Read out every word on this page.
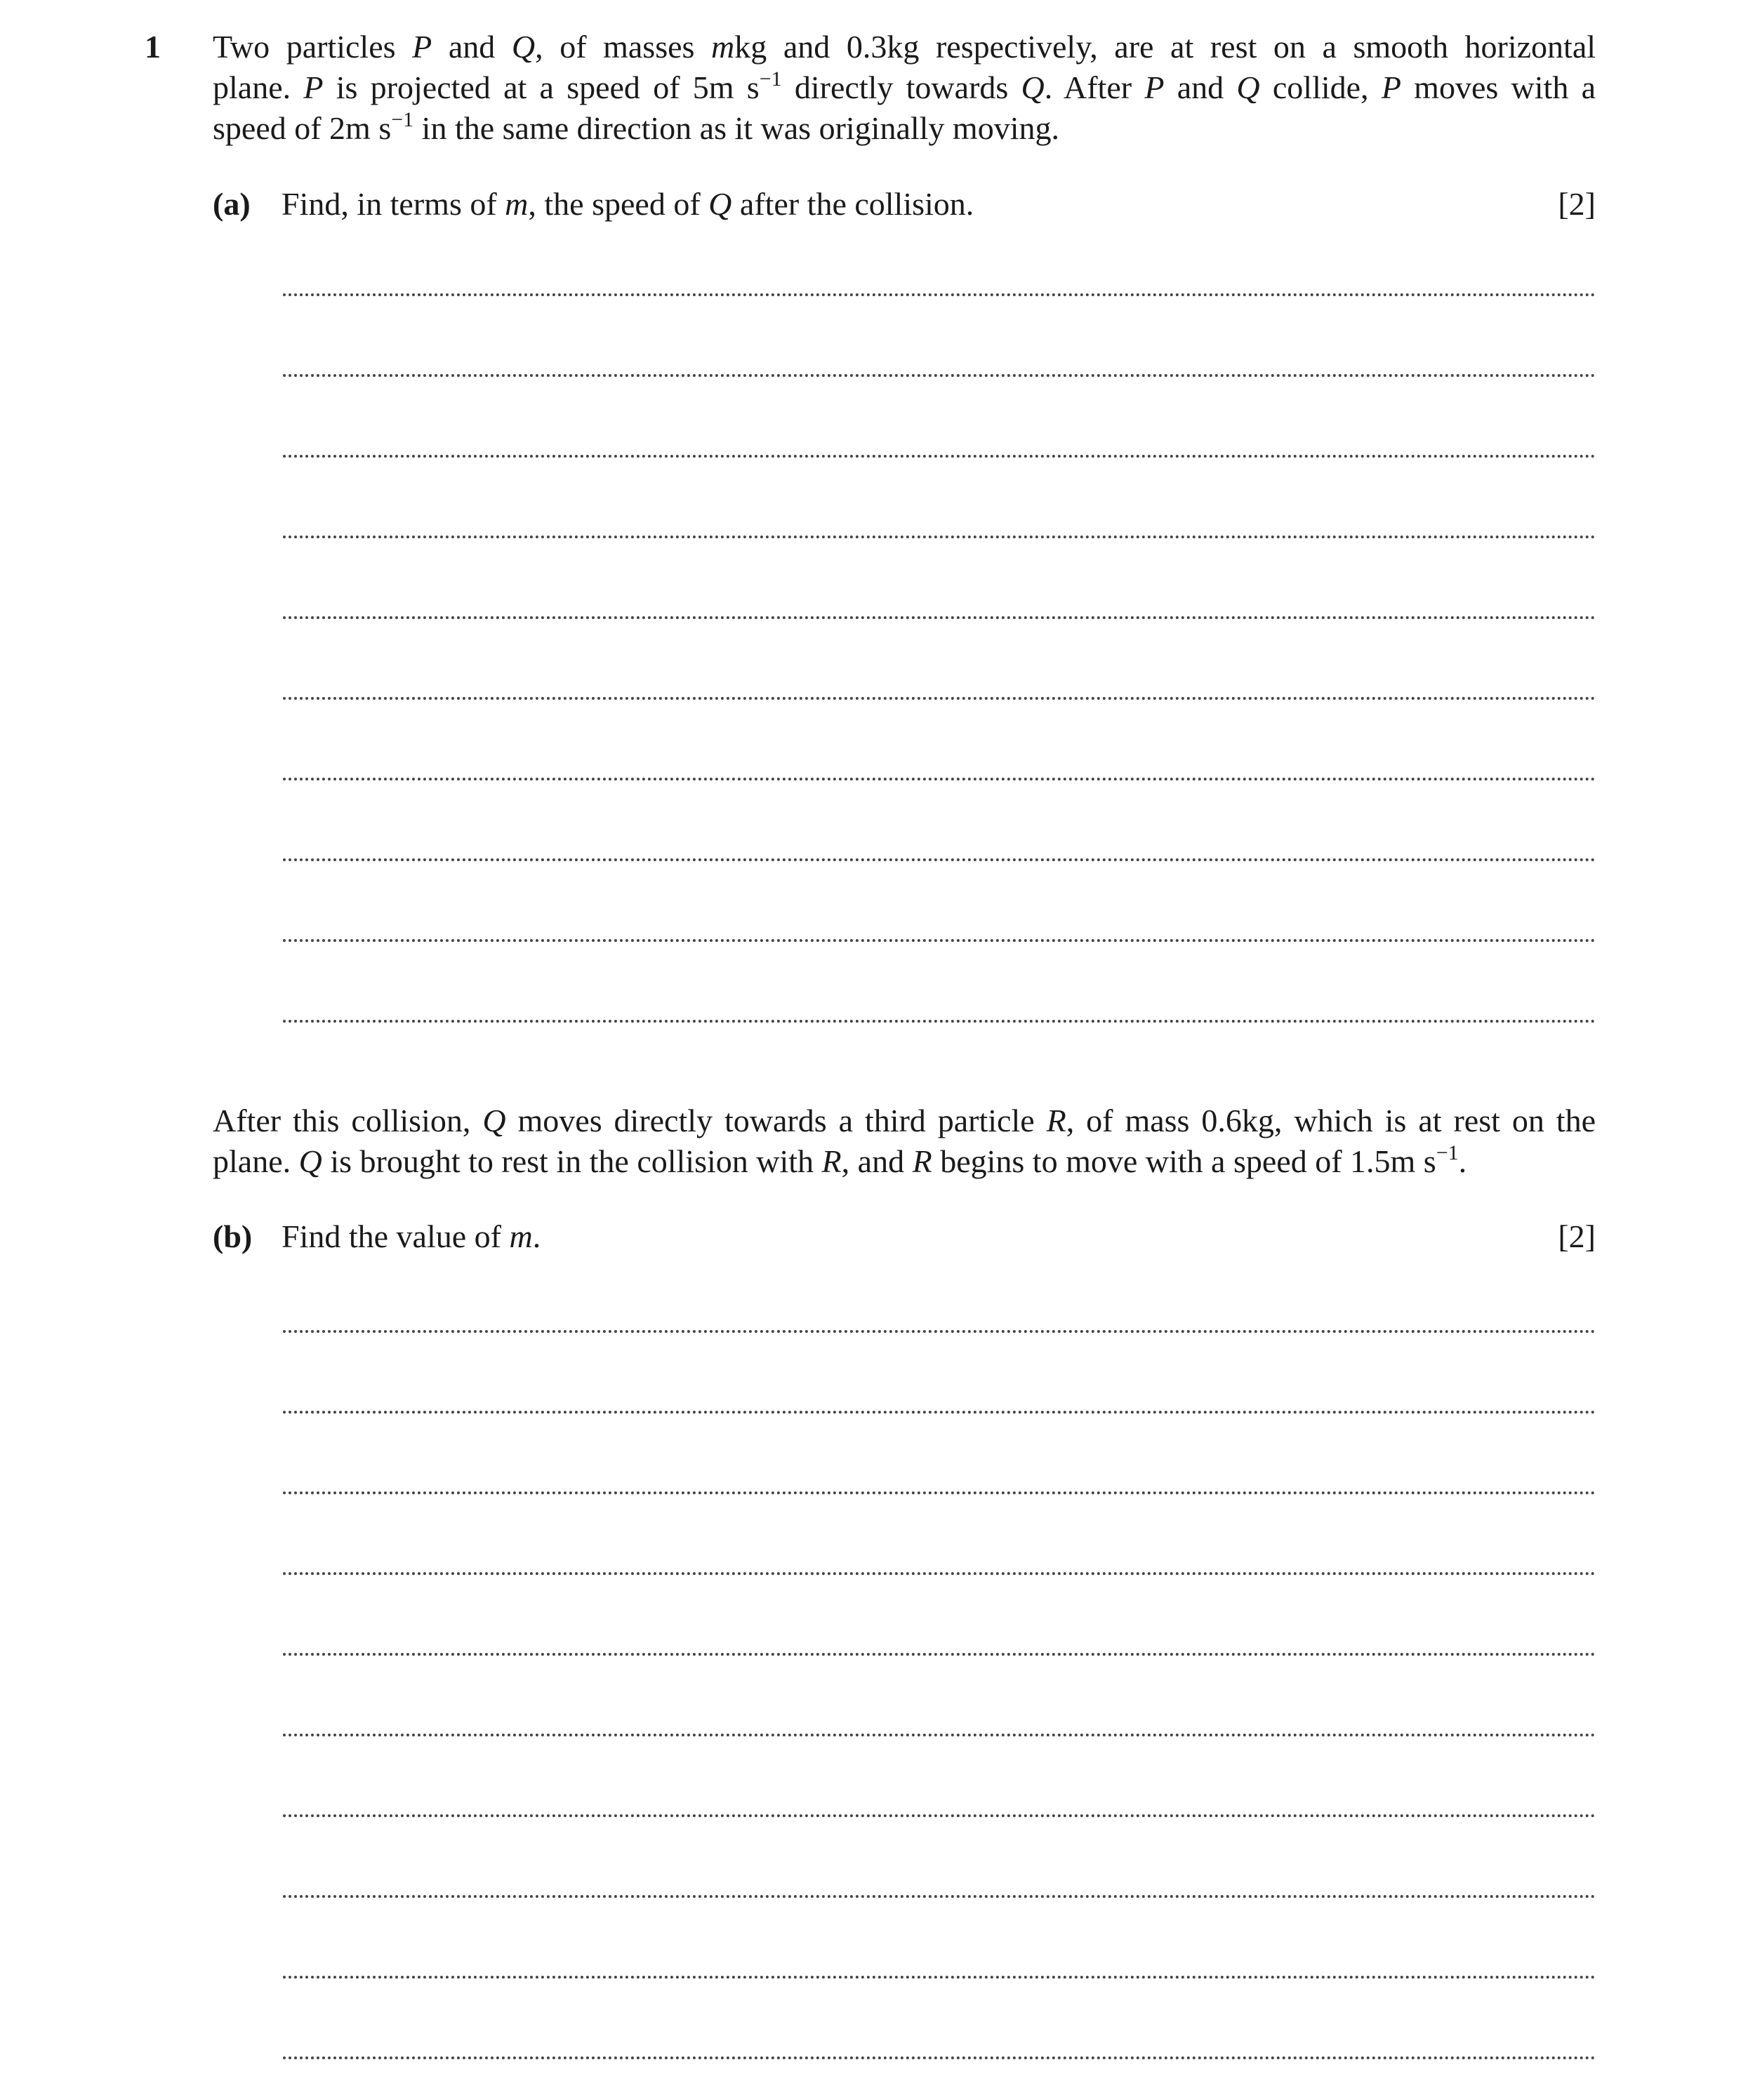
1 Two particles P and Q, of masses mkg and 0.3kg respectively, are at rest on a smooth horizontal
plane. P is projected at a speed of 5m $s^{-1}$ directly towards Q. After P and Q collide, P moves with a
speed of 2m $s^{-1}$ in the same direction as it was originally moving.
(a) Find, in terms of m, the speed of Q after the collision.	[2]
After this collision, Q moves directly towards a third particle R, of mass 0.6kg, which is at rest on the
plane. Q is brought to rest in the collision with R, and R begins to move with a speed of 1.5m $s^{-1}$.
(b) Find the value of m.	[2]
